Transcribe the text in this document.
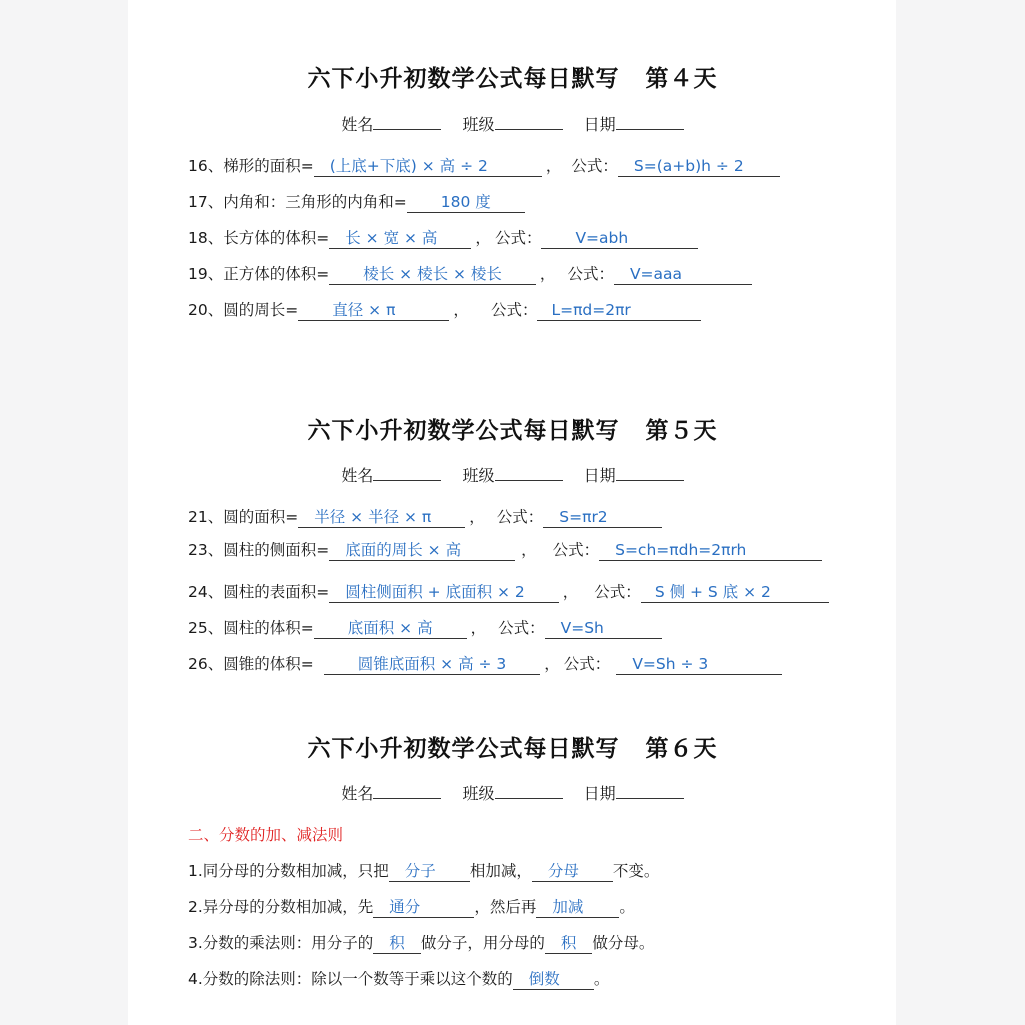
六下小升初数学公式每日默写 第４天
姓名	班级	日期
16、梯形的面积= (上底+下底) × 高 ÷ 2	， 公式： S=(a+b)h ÷ 2
17、内角和：三角形的内角和= 180 度
18、长方体的体积= 长 × 宽 × 高 ， 公式： V=abh
19、正方体的体积= 棱长 × 棱长 × 棱长 ， 公式： V=aaa
20、圆的周长= 直径 × π	， 公式： L=πd=2πr
六下小升初数学公式每日默写 第５天
姓名	班级	日期
21、圆的面积= 半径 × 半径 × π ， 公式： S=πr2
23、圆柱的侧面积= 底面的周长 × 高	， 公式： S=ch=πdh=2πrh
24、圆柱的表面积= 圆柱侧面积 + 底面积 × 2 ， 公式： S 侧 + S 底 × 2
25、圆柱的体积= 底面积 × 高 ， 公式： V=Sh
26、圆锥的体积=	圆锥底面积 × 高 ÷ 3 ， 公式： V=Sh ÷ 3
六下小升初数学公式每日默写 第６天
姓名	班级	日期
二、分数的加、减法则
1.同分母的分数相加减，只把 分子 相加减， 分母 不变。
2.异分母的分数相加减，先 通分	，然后再 加减 。
3.分数的乘法则：用分子的 积 做分子，用分母的 积 做分母。
4.分数的除法则：除以一个数等于乘以这个数的 倒数 。
